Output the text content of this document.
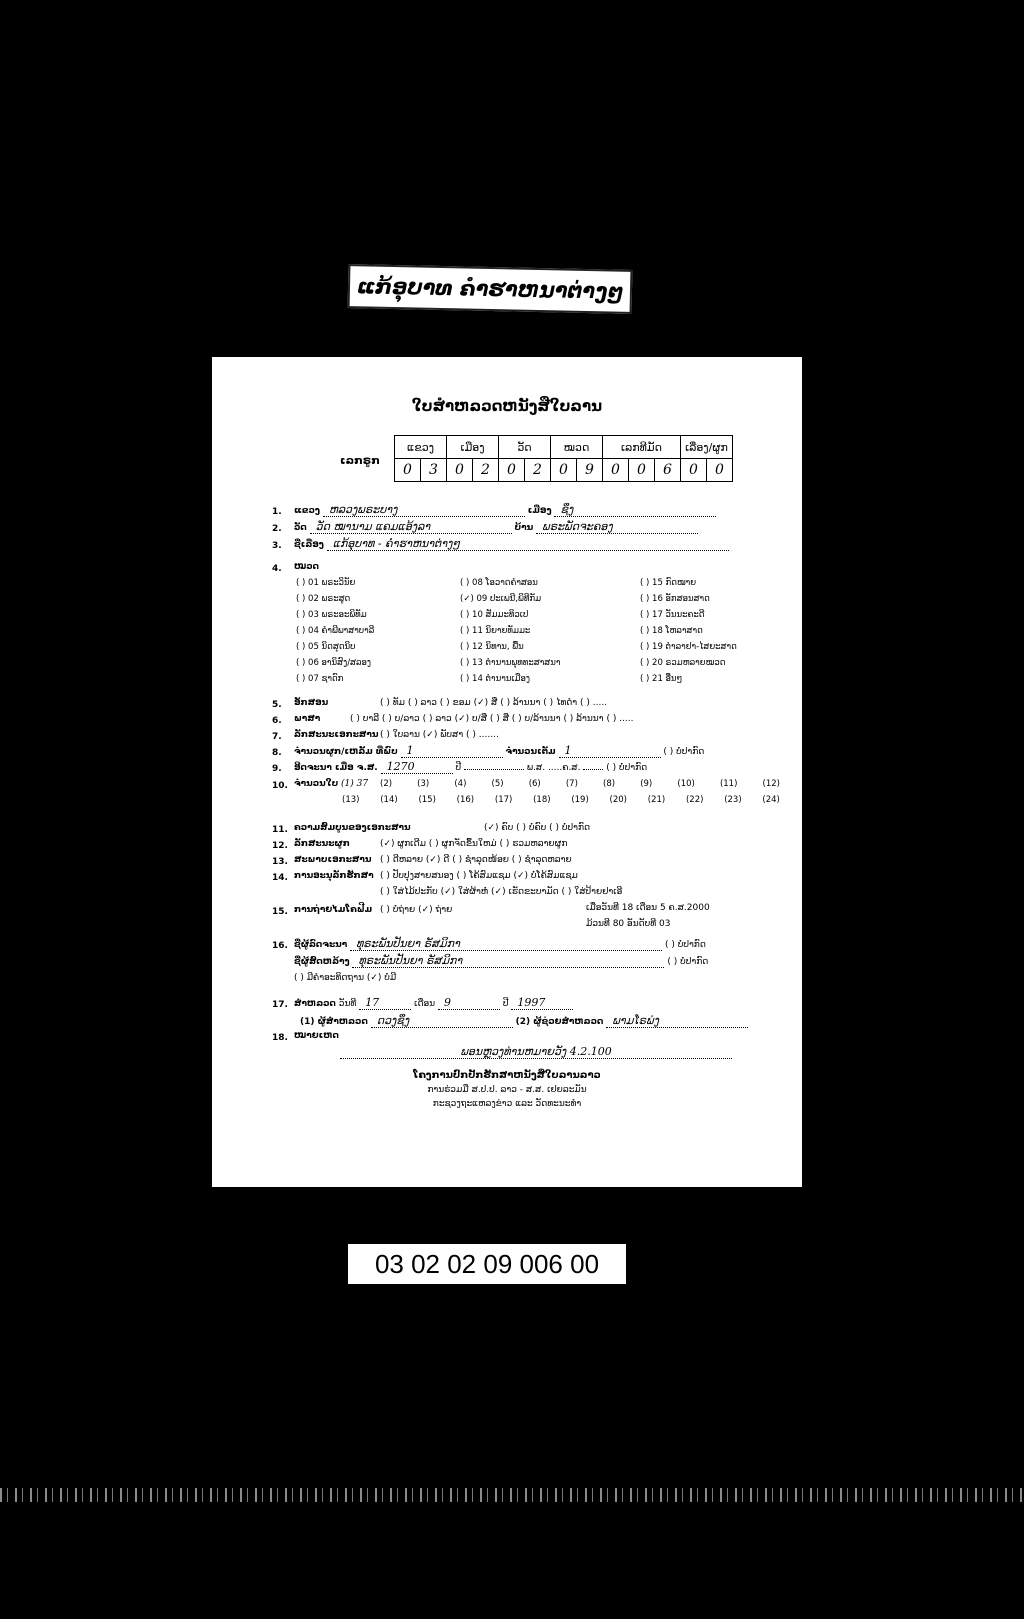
ແກ້ອຸບາທ ຄຳຮາຫນາຕ່າງໆ
ໃບສຳຫລວດຫນັງສືໃບລານ
ເລກຣູກ
ແຂວງ		ເມືອງ		ວັດ		ໝວດ		ເລກທີມັດ			ເລື່ອງ/ຜູກ	
0	3	0	2	0	2	0	9	0	0	6	0	0
1. ແຂວງ ຫລວງພຣະບາງ	ເມືອງ ຊຶງ
2. ວັດ ວັດ ໝານາມ ແຄມແອ້ງລາ	ບ້ານ ພຣະພັດຈະຄອງ
3. ຊື່ເລື່ອງ ແກ້ອຸບາທ - ຄຳຮາຫນາຕ່າງໆ
4. ໝວດ
( ) 01 ພຣະວິນັຍ
( ) 02 ພຣະສູດ
( ) 03 ພຣະອະພິທັມ
( ) 04 ຄຳພີພາສາບາລີ
( ) 05 ນິດສຸດນິບ
( ) 06 ອານິສົງ/ສລອງ
( ) 07 ຊາດົກ
( ) 08 ໂອວາດຄຳສອນ
(✓) 09 ປະເພນີ,ພິທີກັມ
( ) 10 ສັມມະທິວເປ
( ) 11 ນິຍາຍທັມມະ
( ) 12 ນິທານ, ພື້ນ
( ) 13 ຕຳນານພຸທທະສາສນາ
( ) 14 ຕຳນານເມືອງ
( ) 15 ກົດໝາຍ
( ) 16 ອັກສອນສາດ
( ) 17 ວັນນະຄະດີ
( ) 18 ໂຫລາສາດ
( ) 19 ຕຳລາຢາ-ໄສຍະສາດ
( ) 20 ຣວມຫລາຍໝວດ
( ) 21 ອື່ນໆ
5. ອັກສອນ	( ) ທັມ ( ) ລາວ ( ) ຂອມ (✓) ສື ( ) ລ້ານນາ ( ) ໄທດຳ ( ) .....
6. ພາສາ	( ) ບາລີ ( ) ບ/ລາວ ( ) ລາວ (✓) ບ/ສື ( ) ສື ( ) ບ/ລ້ານນາ ( ) ລ້ານນາ ( ) .....
7. ລັກສະນະເອກະສານ ( ) ໃບລານ (✓) ພັບສາ ( ) .......
8. ຈຳນວນຜູກ/ເຫລັ້ມ ທີ່ພົບ 1	ຈຳນວນເຕັມ 1	( ) ບໍ່ປາກົດ
9. ອີດຈະນາ ເມື່ອ ຈ.ສ. 1270	ປີ	ພ.ສ. .....ຄ.ສ.	( ) ບໍ່ປາກົດ
10. ຈຳນວນໃບ (1) 37 (2)	(3)	(4)	(5)	(6)	(7)	(8)	(9)	(10)	(11)	(12)
(13) (14) (15) (16) (17) (18) (19) (20) (21) (22) (23) (24)
11. ຄວາມສົມບູນຂອງເອກະສານ	(✓) ຄົບ ( ) ບໍ່ຄົບ ( ) ບໍ່ປາກົດ
12. ລັກສະນະຜູກ	(✓) ຜູກເດີມ ( ) ຜູກຈັດຂຶ້ນໃຫມ່ ( ) ຮວມຫລາຍຜູກ
13. ສະພາບເອກະສານ ( ) ດີຫລາຍ (✓) ດີ ( ) ຊຳລຸດໜ້ອຍ ( ) ຊຳລຸດຫລາຍ
14. ການອະນຸລັກຮັກສາ ( ) ປັບປຸງສາຍສນອງ ( ) ໂຄ້ສົມແຊມ (✓) ບໍ່ໂຄ້ສົມແຊມ
( ) ໃສ່ໄມ້ປະກັບ (✓) ໃສ່ຜ້າຫໍ່ (✓) ເຮັດຂະບາມັດ ( ) ໃສ່ປ້າຍຢາເອີ
15. ການຖ່າຍໄມໂຄຟີມ ( ) ບໍ່ຖ່າຍ (✓) ຖ່າຍ	ເມື່ອວັນທີ 18 ເດືອນ 5 ຄ.ສ.2000
ມ້ວນທີ 80 ອັນດັບທີ 03
16. ຊື່ຜູ້ລົດຈະນາ ທຸຣະພັນປັນຍາ ຣັສມິກາ	( ) ບໍ່ປາກົດ
ຊື່ຜູ້ສົດຫລ້າງ ທຸຣະພັນປັນຍາ ຣັສມິກາ	( ) ບໍ່ປາກົດ
( ) ມີຄຳອະທິດຖານ (✓) ບໍ່ມີ
17. ສຳຫລວດ ວັນທີ 17	ເດືອນ 9	ປີ 1997
(1) ຜູ້ສຳຫລວດ ດວງຊຶງ	(2) ຜູ້ຊ່ວຍສຳຫລວດ ພາມໂຣພ່ງ
18. ໝາຍເຫດ
ພອນຫຼວງທ່ານຫມາຍວັງ 4.2.100
ໂຄງການປົກປັກຮັກສາຫນັງສືໃບລານລາວ
ການຮ່ວມມື ສ.ປ.ປ. ລາວ - ສ.ສ. ເຢຍລະມັນ
ກະຊວງຖະແຫລງຂ່າວ ແລະ ວັດທະນະທຳ
03 02 02 09 006 00
